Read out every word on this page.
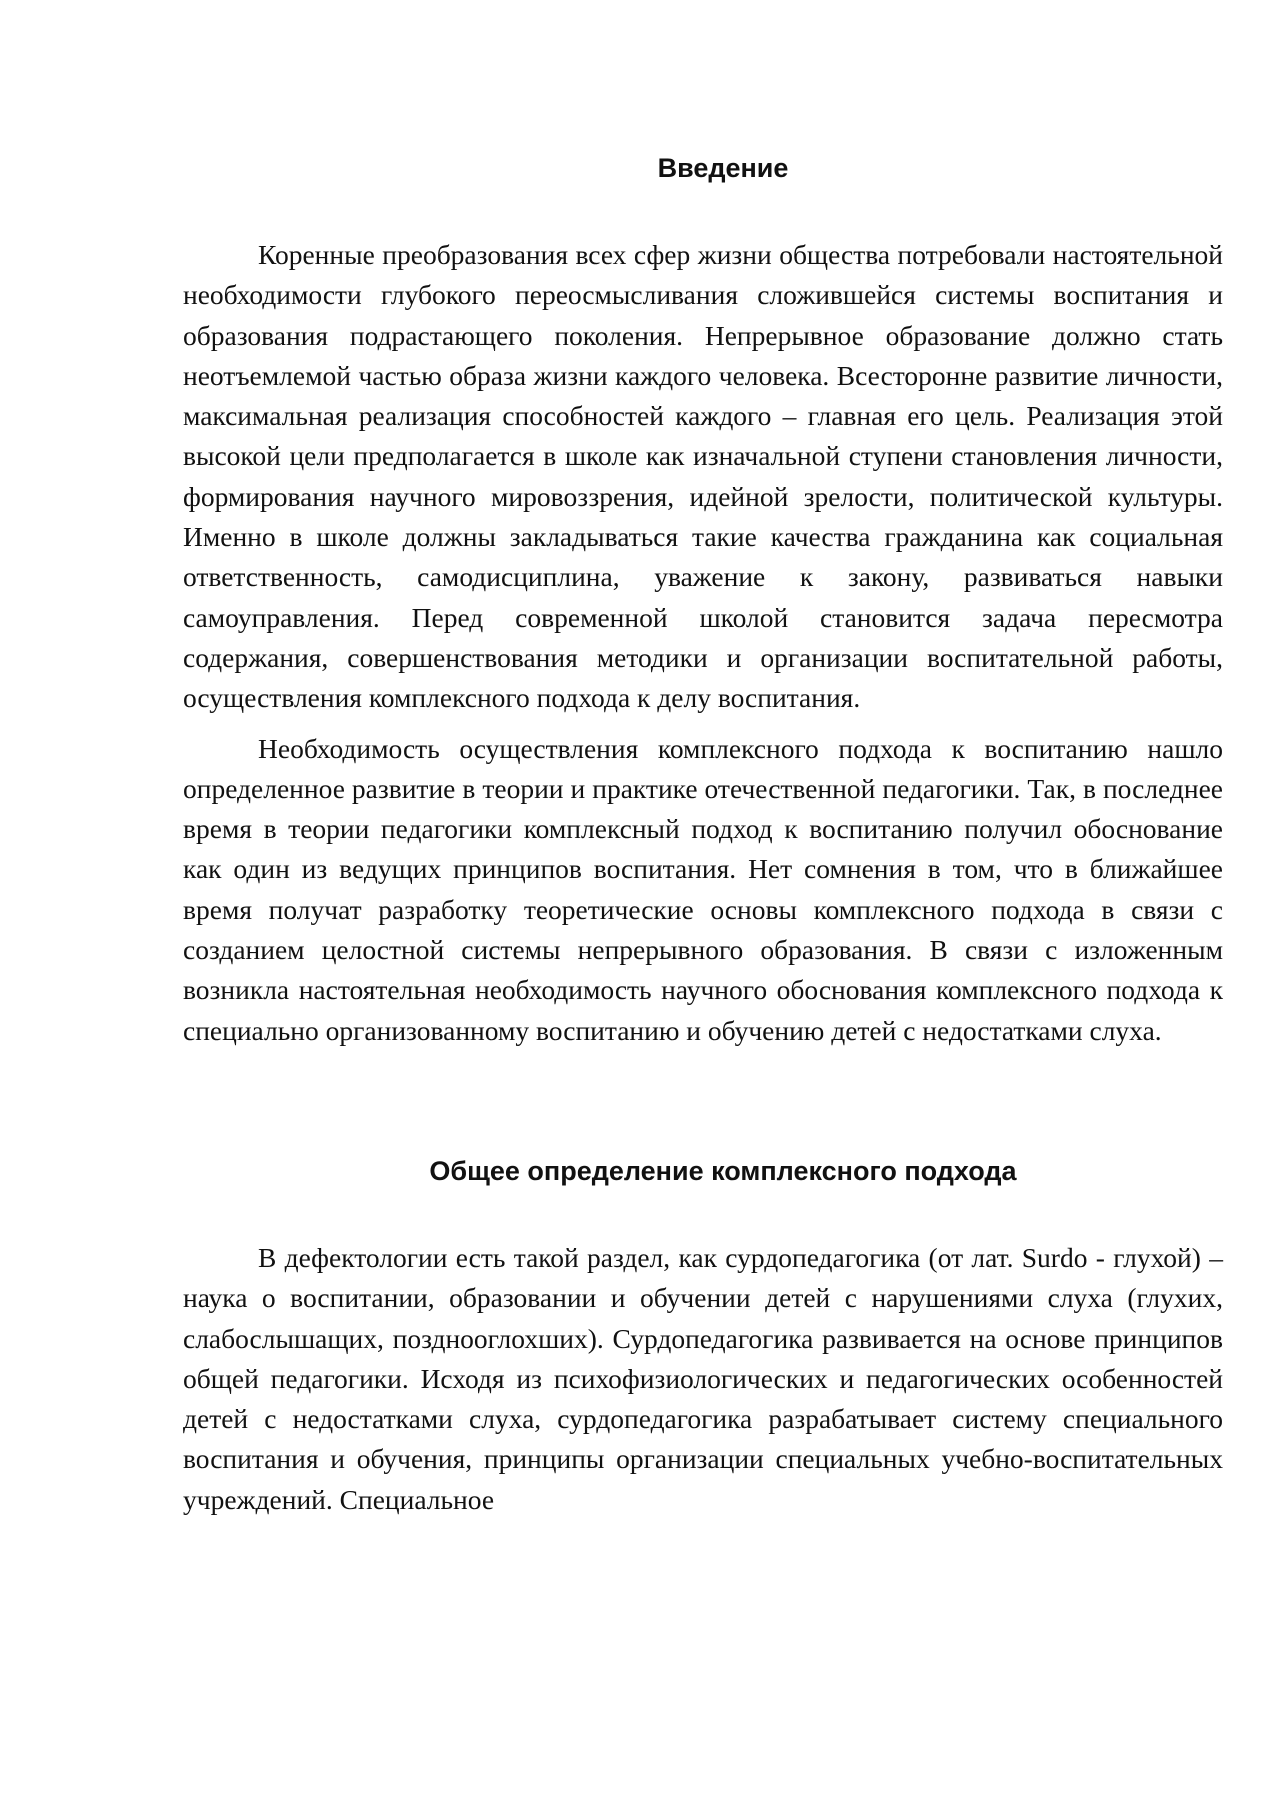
Введение

Коренные преобразования всех сфер жизни общества потребовали настоятельной необходимости глубокого переосмысливания сложившейся системы воспитания и образования подрастающего поколения. Непрерывное образование должно стать неотъемлемой частью образа жизни каждого человека. Всесторонне развитие личности, максимальная реализация способностей каждого – главная его цель. Реализация этой высокой цели предполагается в школе как изначальной ступени становления личности, формирования научного мировоззрения, идейной зрелости, политической культуры. Именно в школе должны закладываться такие качества гражданина как социальная ответственность, самодисциплина, уважение к закону, развиваться навыки самоуправления. Перед современной школой становится задача пересмотра содержания, совершенствования методики и организации воспитательной работы, осуществления комплексного подхода к делу воспитания.

Необходимость осуществления комплексного подхода к воспитанию нашло определенное развитие в теории и практике отечественной педагогики. Так, в последнее время в теории педагогики комплексный подход к воспитанию получил обоснование как один из ведущих принципов воспитания. Нет сомнения в том, что в ближайшее время получат разработку теоретические основы комплексного подхода в связи с созданием целостной системы непрерывного образования. В связи с изложенным возникла настоятельная необходимость научного обоснования комплексного подхода к специально организованному воспитанию и обучению детей с недостатками слуха.

Общее определение комплексного подхода

В дефектологии есть такой раздел, как сурдопедагогика (от лат. Surdo - глухой) – наука о воспитании, образовании и обучении детей с нарушениями слуха (глухих, слабослышащих, позднооглохших). Сурдопедагогика развивается на основе принципов общей педагогики. Исходя из психофизиологических и педагогических особенностей детей с недостатками слуха, сурдопедагогика разрабатывает систему специального воспитания и обучения, принципы организации специальных учебно-воспитательных учреждений. Специальное
